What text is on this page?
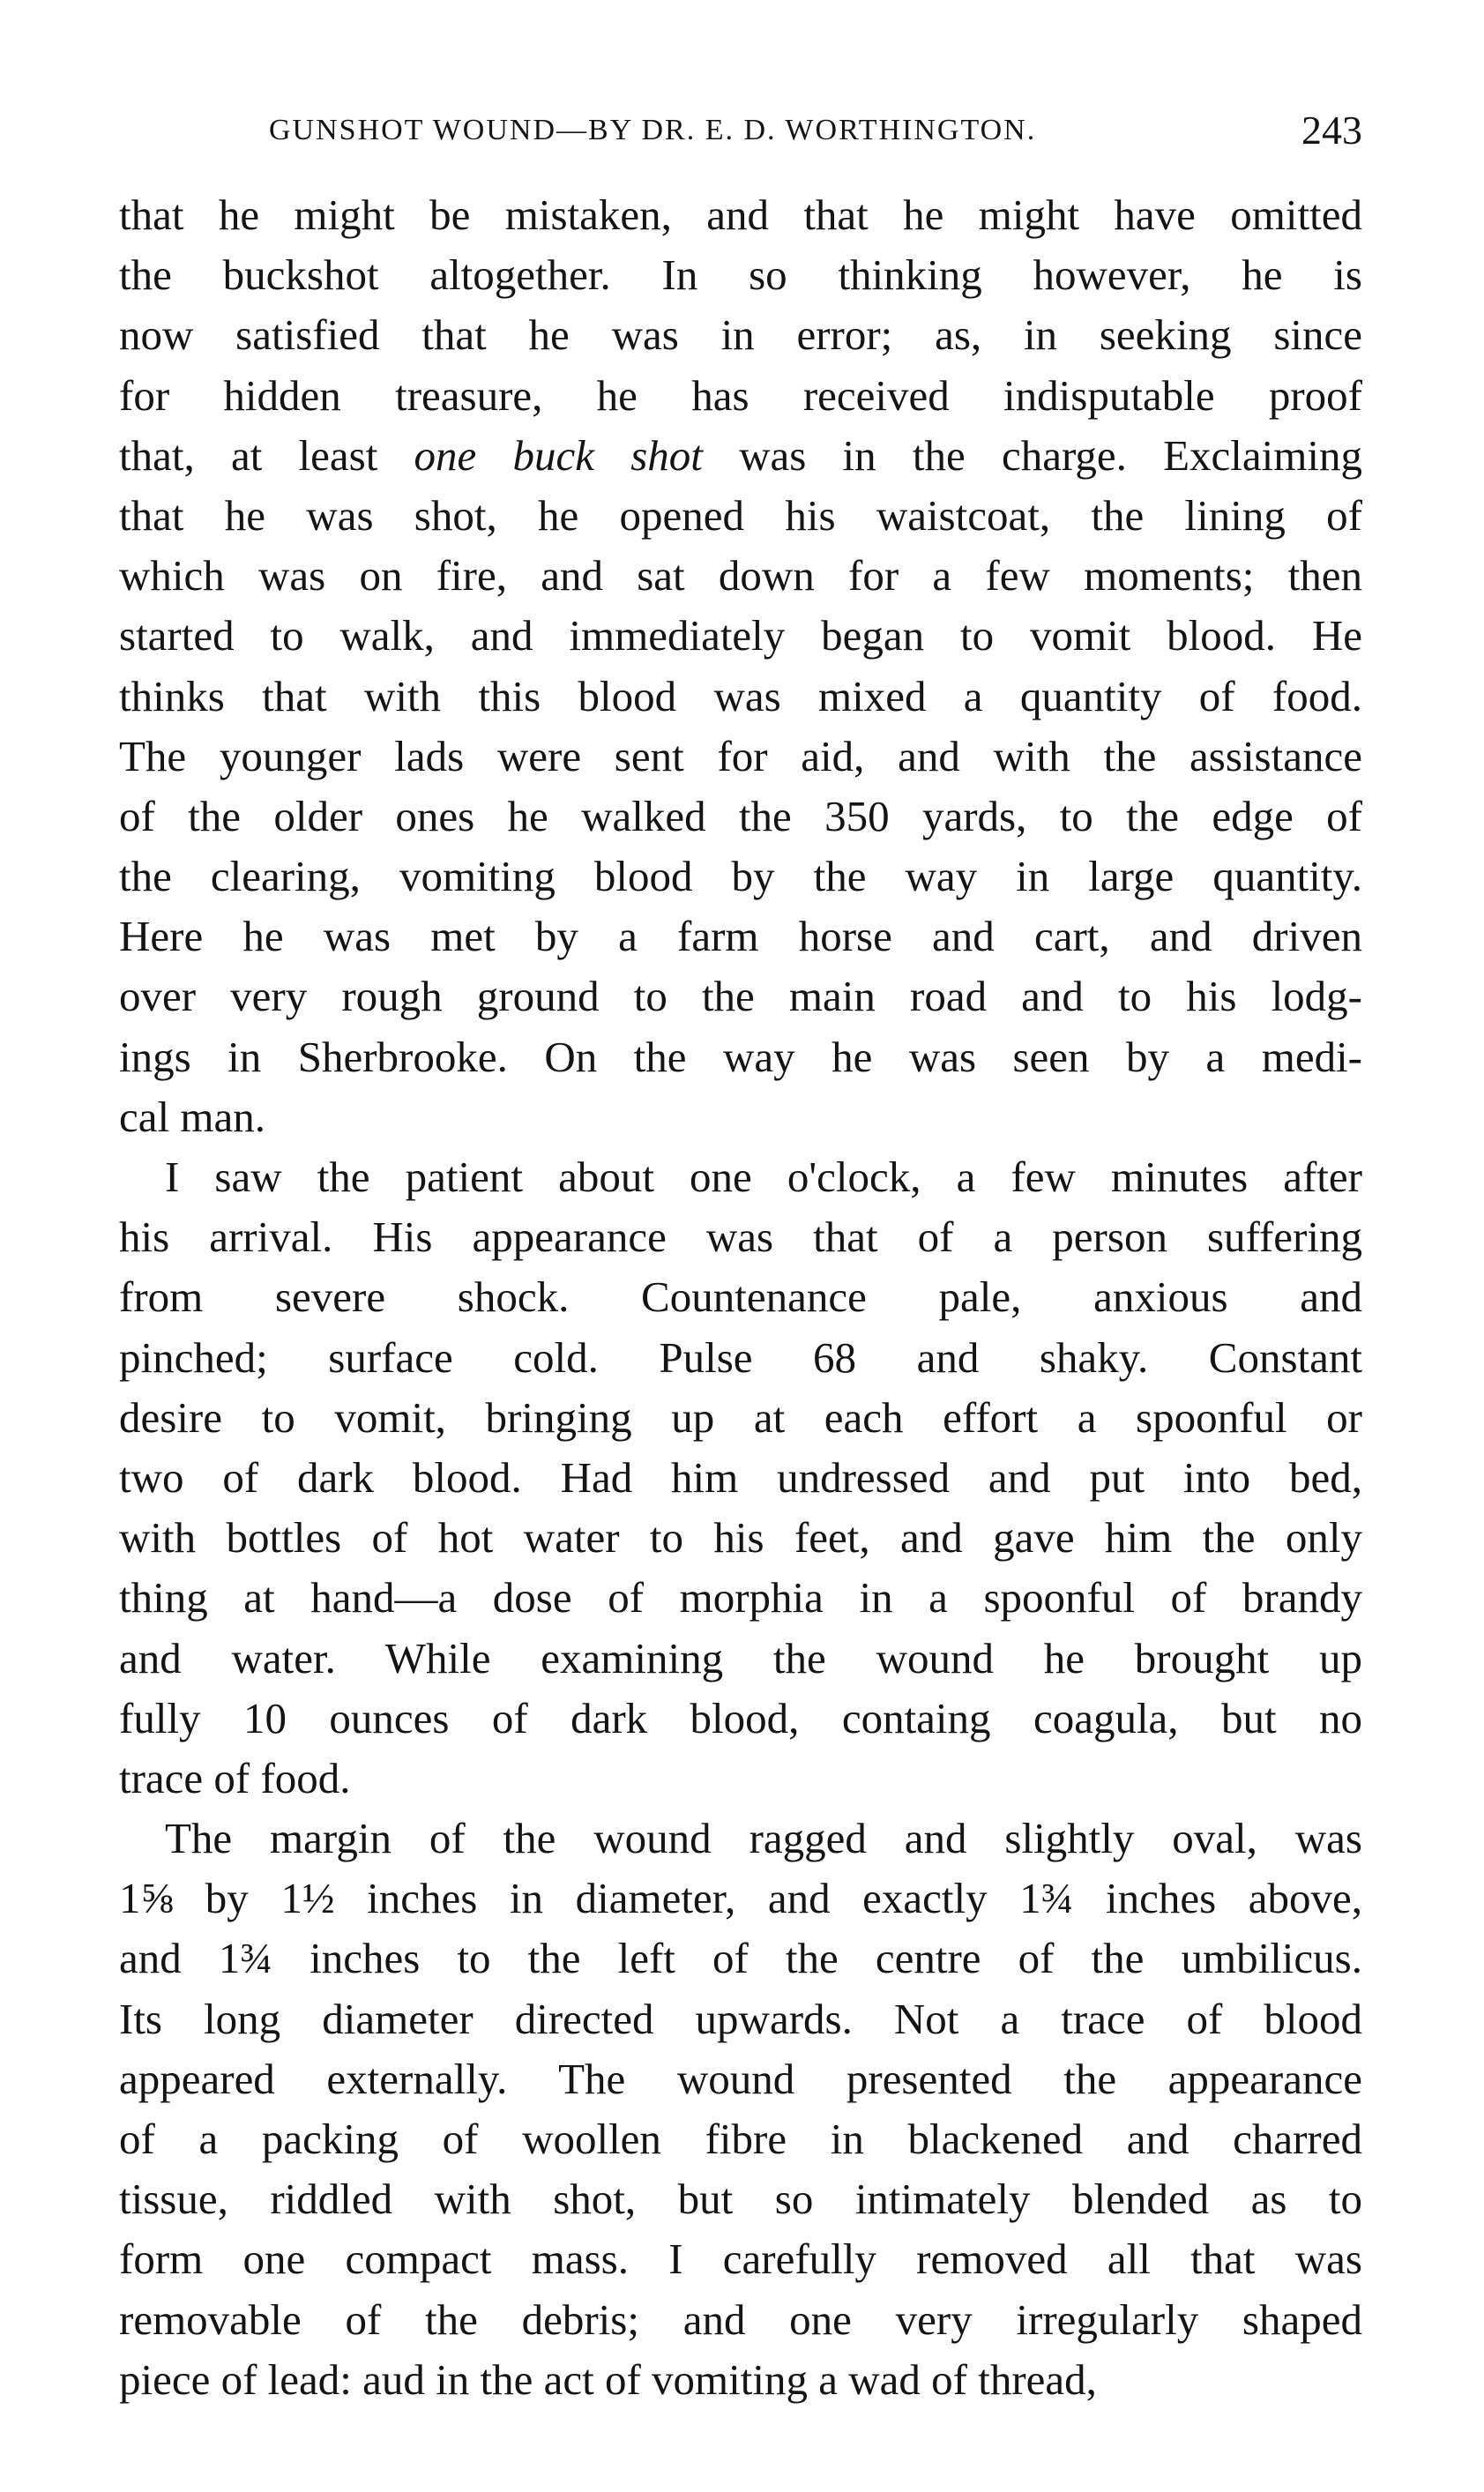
GUNSHOT WOUND—BY DR. E. D. WORTHINGTON.	243
that he might be mistaken, and that he might have omitted
the buckshot altogether. In so thinking however, he is
now satisfied that he was in error; as, in seeking since
for hidden treasure, he has received indisputable proof
that, at least one buck shot was in the charge. Exclaiming
that he was shot, he opened his waistcoat, the lining of
which was on fire, and sat down for a few moments; then
started to walk, and immediately began to vomit blood. He
thinks that with this blood was mixed a quantity of food.
The younger lads were sent for aid, and with the assistance
of the older ones he walked the 350 yards, to the edge of
the clearing, vomiting blood by the way in large quantity.
Here he was met by a farm horse and cart, and driven
over very rough ground to the main road and to his lodg-
ings in Sherbrooke. On the way he was seen by a medi-
cal man.
I saw the patient about one o'clock, a few minutes after
his arrival. His appearance was that of a person suffering
from severe shock. Countenance pale, anxious and
pinched; surface cold. Pulse 68 and shaky. Constant
desire to vomit, bringing up at each effort a spoonful or
two of dark blood. Had him undressed and put into bed,
with bottles of hot water to his feet, and gave him the only
thing at hand—a dose of morphia in a spoonful of brandy
and water. While examining the wound he brought up
fully 10 ounces of dark blood, containg coagula, but no
trace of food.
The margin of the wound ragged and slightly oval, was
1⅝ by 1½ inches in diameter, and exactly 1¾ inches above,
and 1¾ inches to the left of the centre of the umbilicus.
Its long diameter directed upwards. Not a trace of blood
appeared externally. The wound presented the appearance
of a packing of woollen fibre in blackened and charred
tissue, riddled with shot, but so intimately blended as to
form one compact mass. I carefully removed all that was
removable of the debris; and one very irregularly shaped
piece of lead: aud in the act of vomiting a wad of thread,
